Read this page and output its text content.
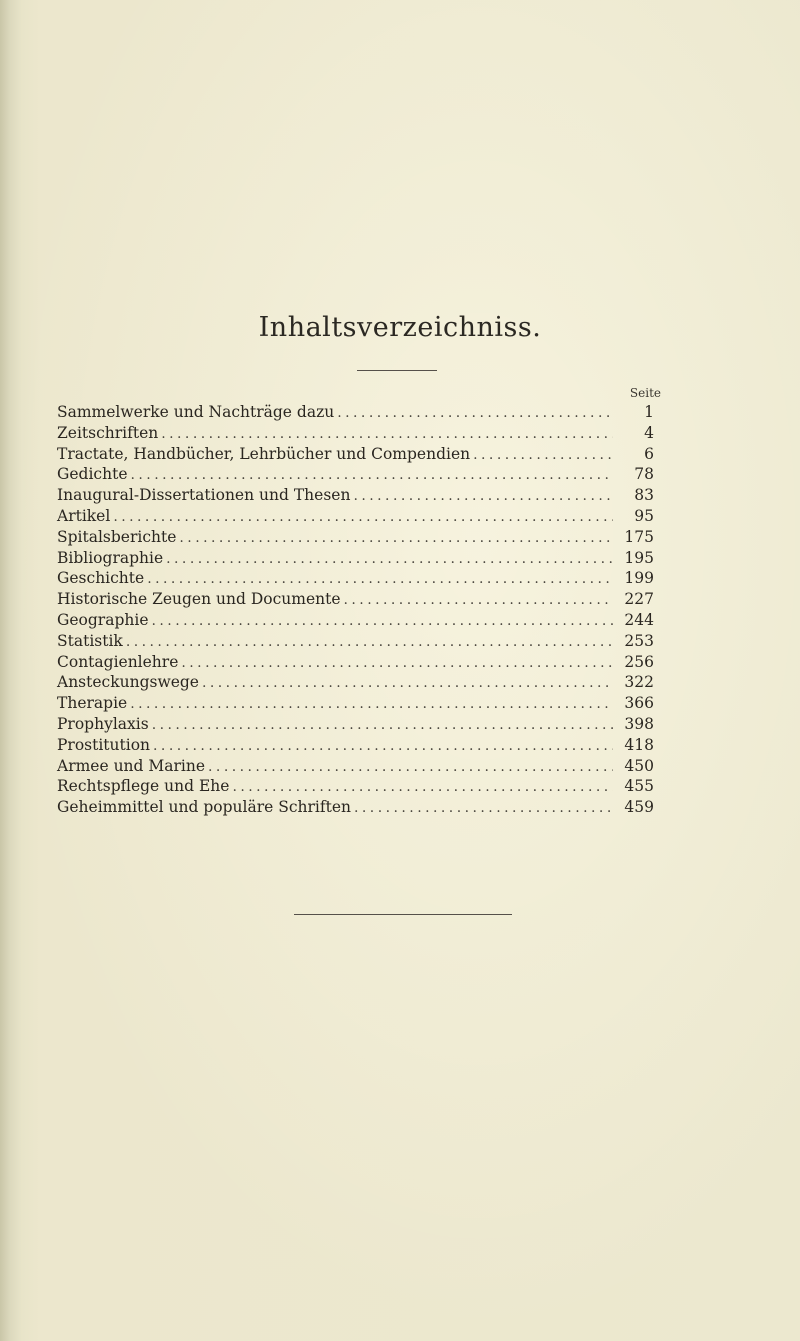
Inhaltsverzeichniss.
Seite
Sammelwerke und Nachträge dazu . . .	1
Zeitschriften . . .	4
Tractate, Handbücher, Lehrbücher und Compendien . . .	6
Gedichte . . .	78
Inaugural-Dissertationen und Thesen . . .	83
Artikel . . .	95
Spitalsberichte . . .	175
Bibliographie . . .	195
Geschichte . . .	199
Historische Zeugen und Documente . . .	227
Geographie . . .	244
Statistik . . .	253
Contagienlehre . . .	256
Ansteckungswege . . .	322
Therapie . . .	366
Prophylaxis . . .	398
Prostitution . . .	418
Armee und Marine . . .	450
Rechtspflege und Ehe . . .	455
Geheimmittel und populäre Schriften . . .	459
